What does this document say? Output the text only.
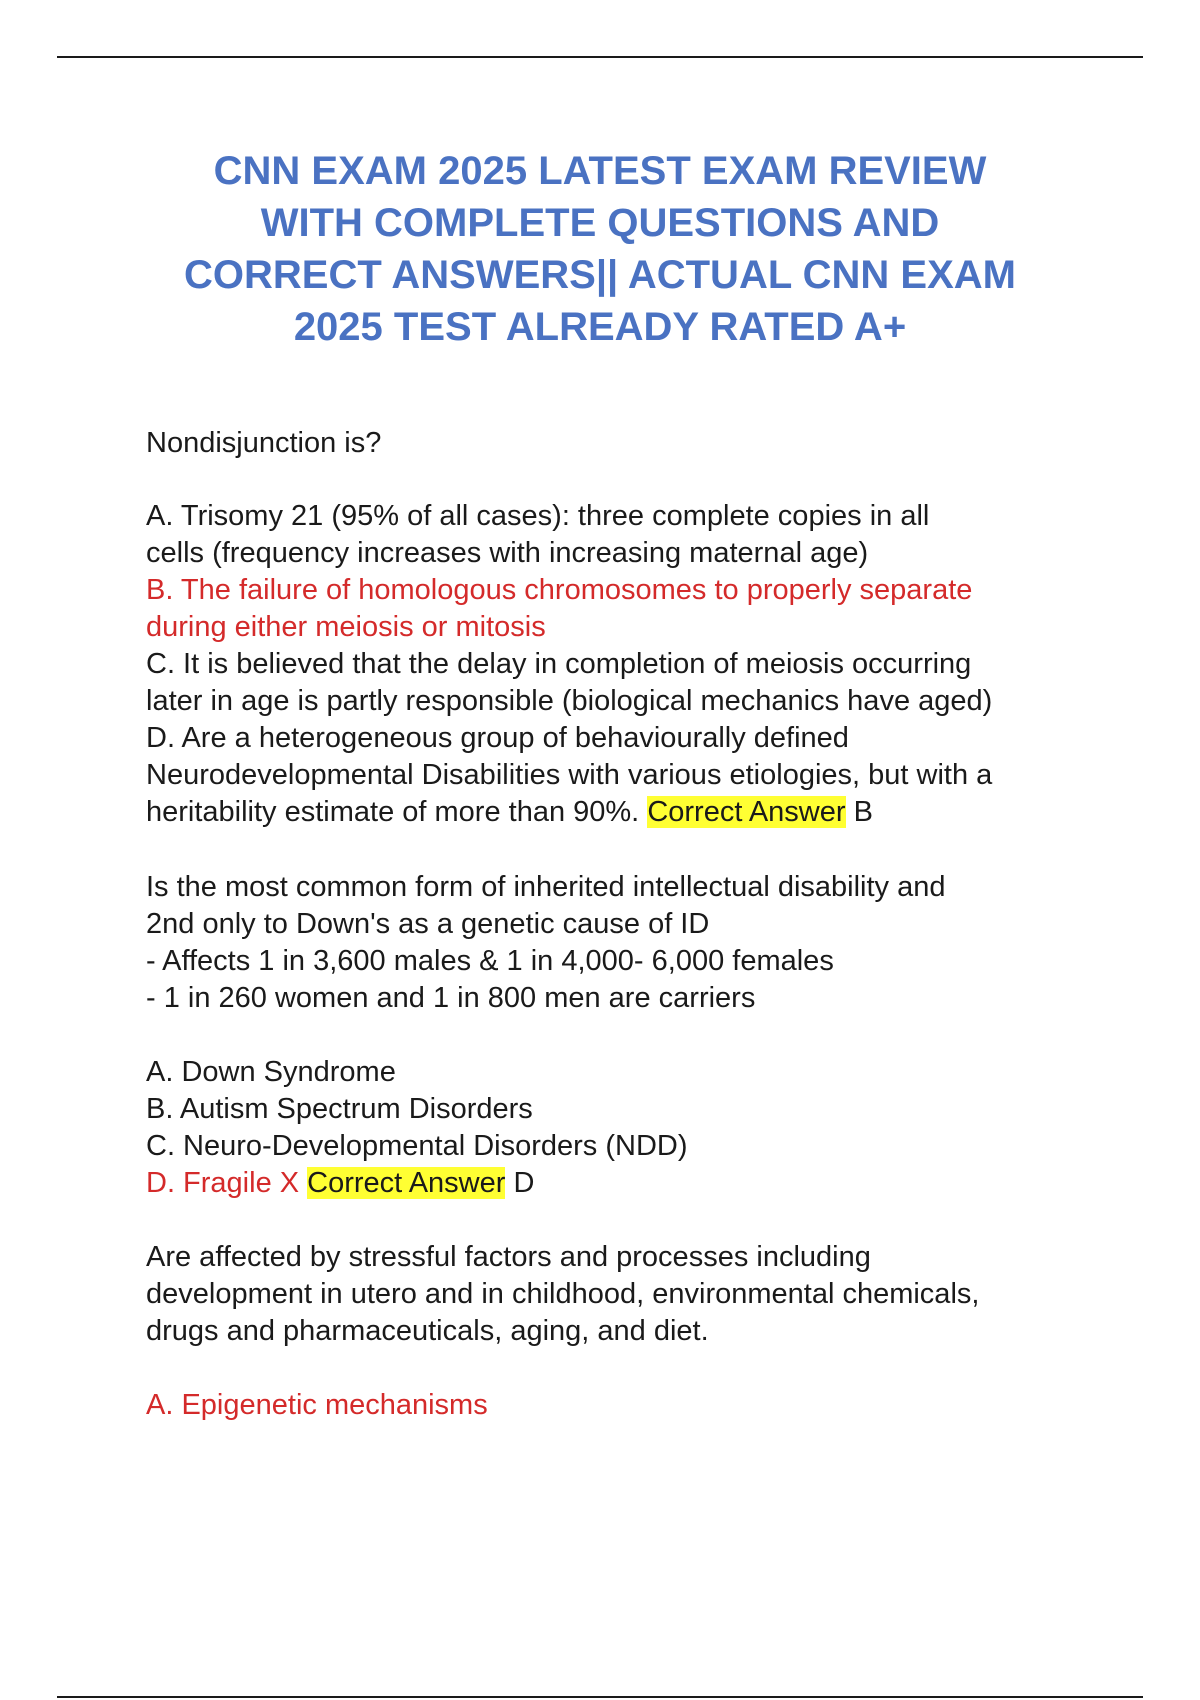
CNN EXAM 2025 LATEST EXAM REVIEW
WITH COMPLETE QUESTIONS AND
CORRECT ANSWERS|| ACTUAL CNN EXAM
2025 TEST ALREADY RATED A+
Nondisjunction is?
A. Trisomy 21 (95% of all cases): three complete copies in all
cells (frequency increases with increasing maternal age)
B. The failure of homologous chromosomes to properly separate
during either meiosis or mitosis
C. It is believed that the delay in completion of meiosis occurring
later in age is partly responsible (biological mechanics have aged)
D. Are a heterogeneous group of behaviourally defined
Neurodevelopmental Disabilities with various etiologies, but with a
heritability estimate of more than 90%. Correct Answer B
Is the most common form of inherited intellectual disability and
2nd only to Down's as a genetic cause of ID
- Affects 1 in 3,600 males & 1 in 4,000- 6,000 females
- 1 in 260 women and 1 in 800 men are carriers
A. Down Syndrome
B. Autism Spectrum Disorders
C. Neuro-Developmental Disorders (NDD)
D. Fragile X Correct Answer D
Are affected by stressful factors and processes including
development in utero and in childhood, environmental chemicals,
drugs and pharmaceuticals, aging, and diet.
A. Epigenetic mechanisms
